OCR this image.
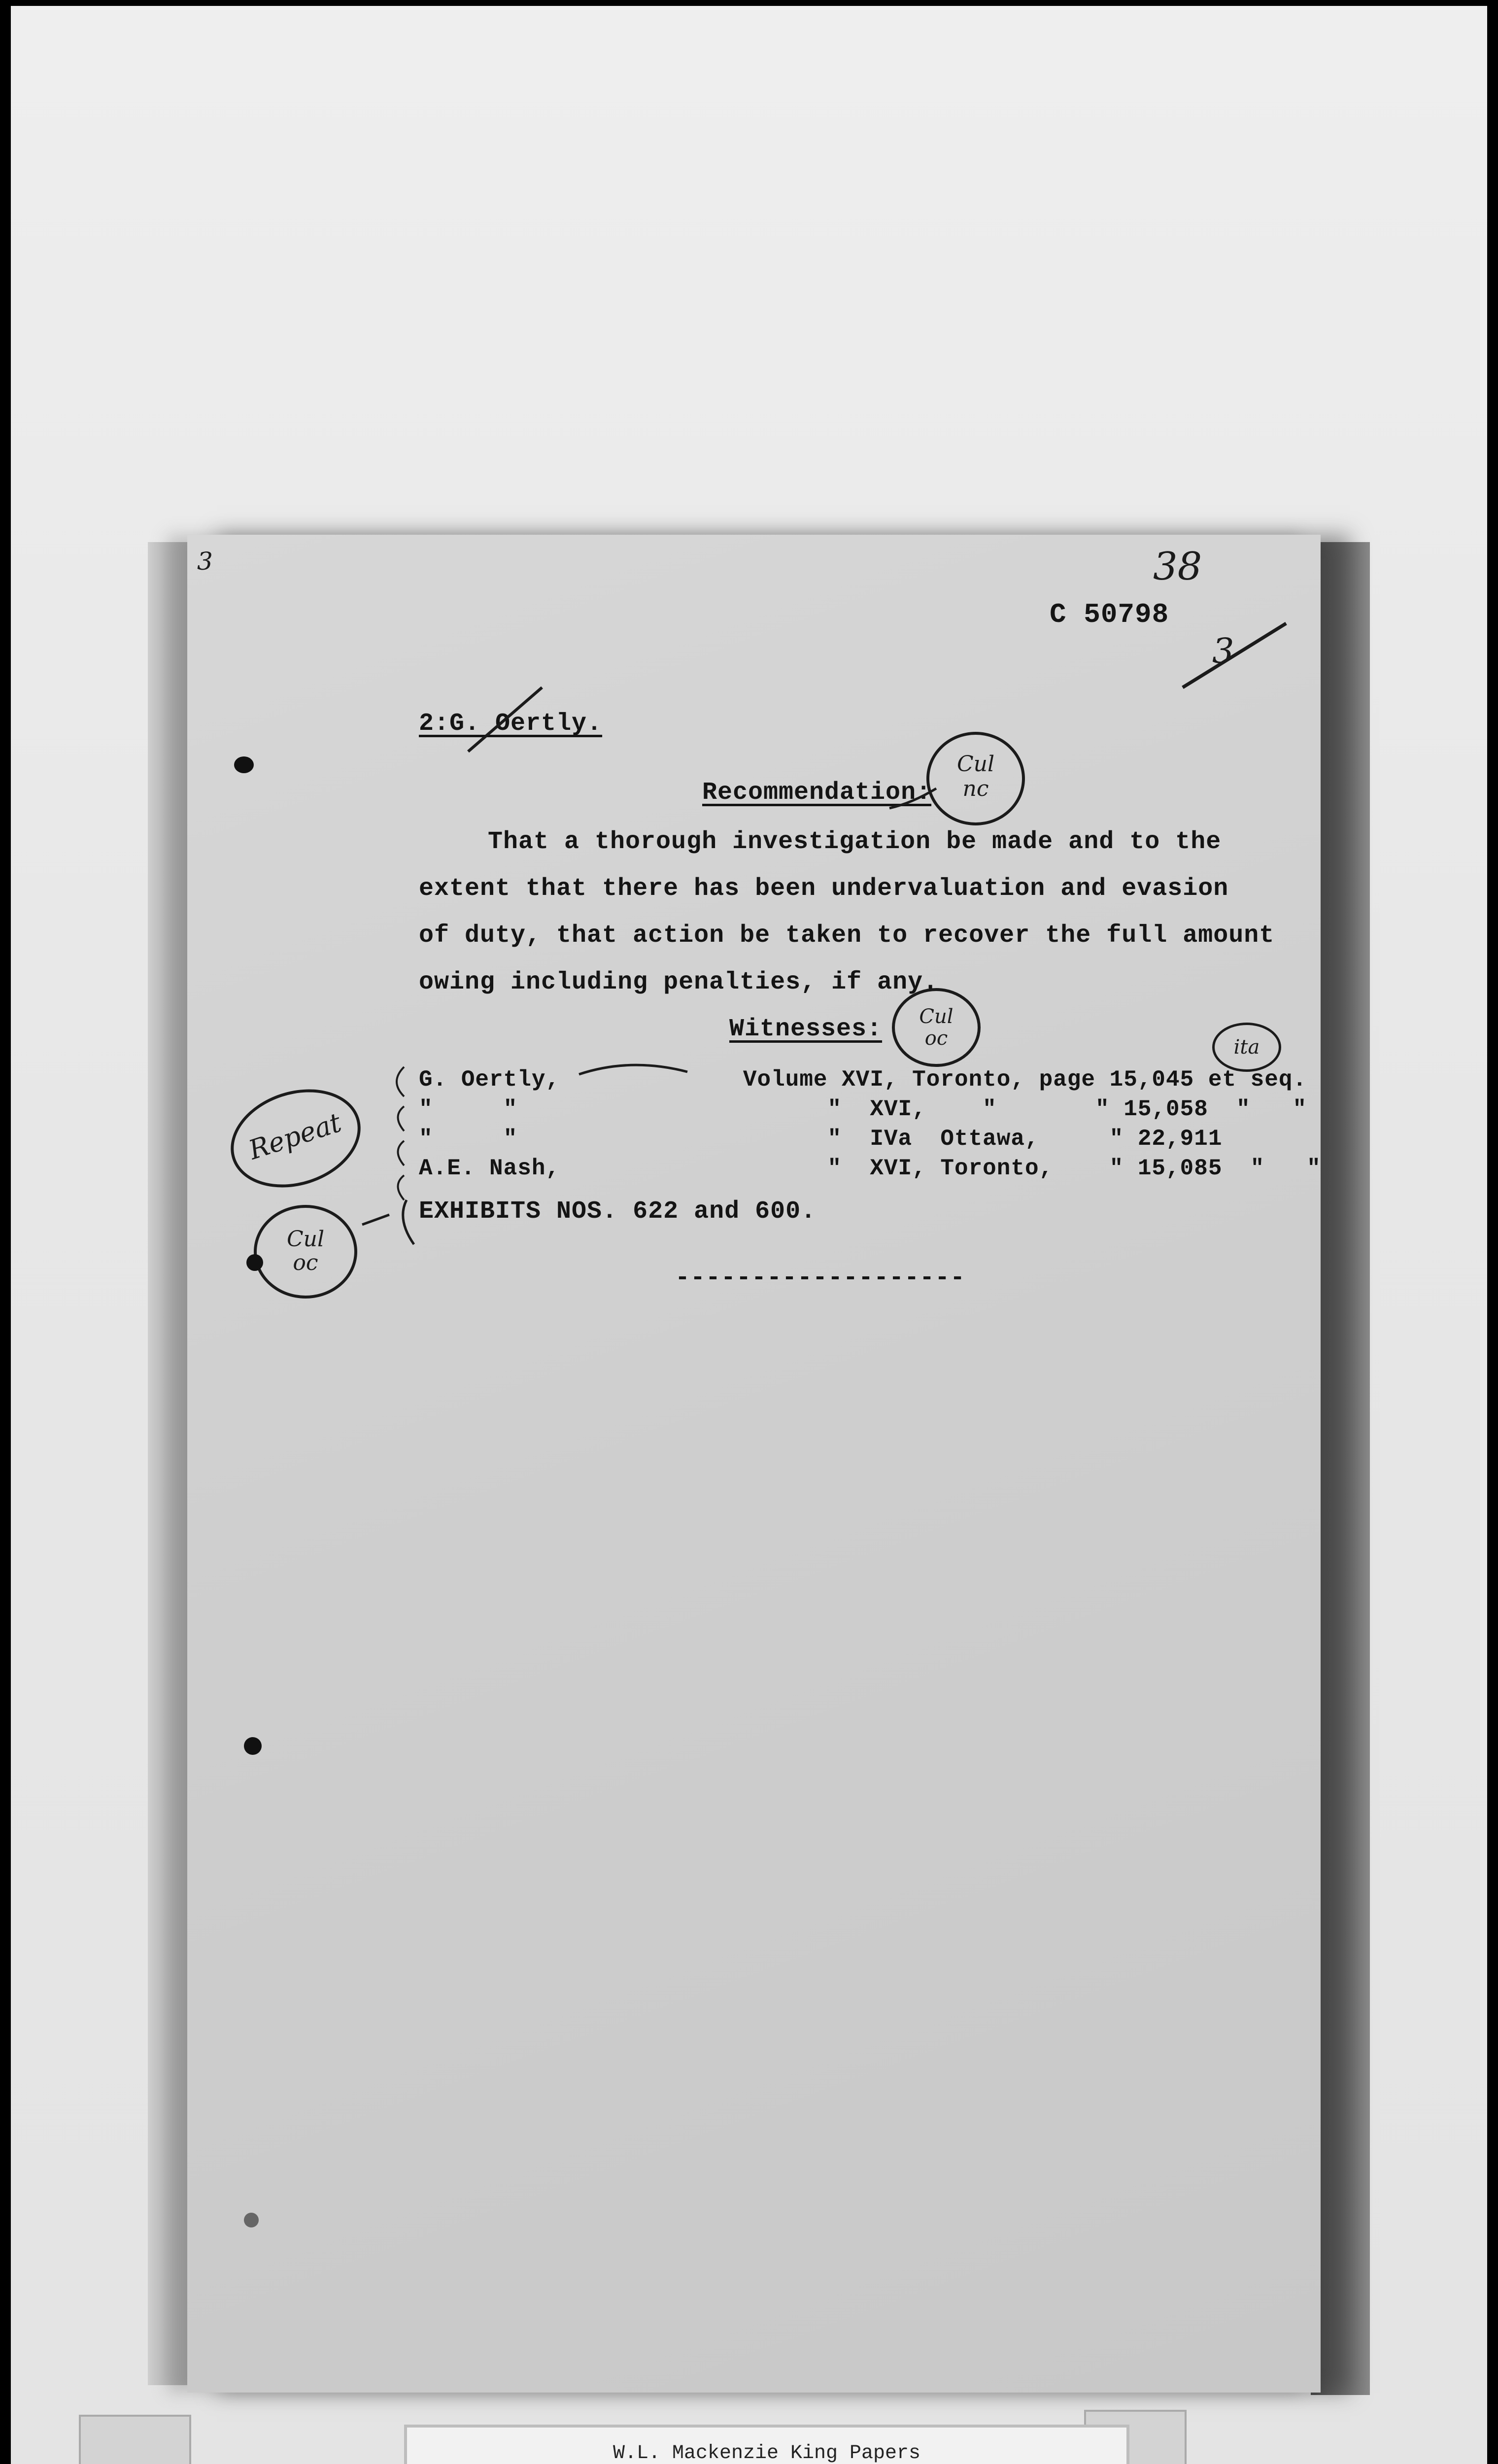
3	38
C 50798
3
2:G. Oertly.
Recommendation:
Cul
nc
That a thorough investigation be made and to the
extent that there has been undervaluation and evasion
of duty, that action be taken to recover the full amount
owing including penalties, if any.
Witnesses:	Cul
oc	ita
G. Oertly,             Volume XVI, Toronto, page 15,045 et seq.
"     "                      "  XVI,    "       " 15,058  "   "
"     "                      "  IVa  Ottawa,     " 22,911
A.E. Nash,                   "  XVI, Toronto,    " 15,085  "   "
Repeat
EXHIBITS NOS. 622 and 600.
Cul
oc
-------------------
W.L. Mackenzie King Papers
